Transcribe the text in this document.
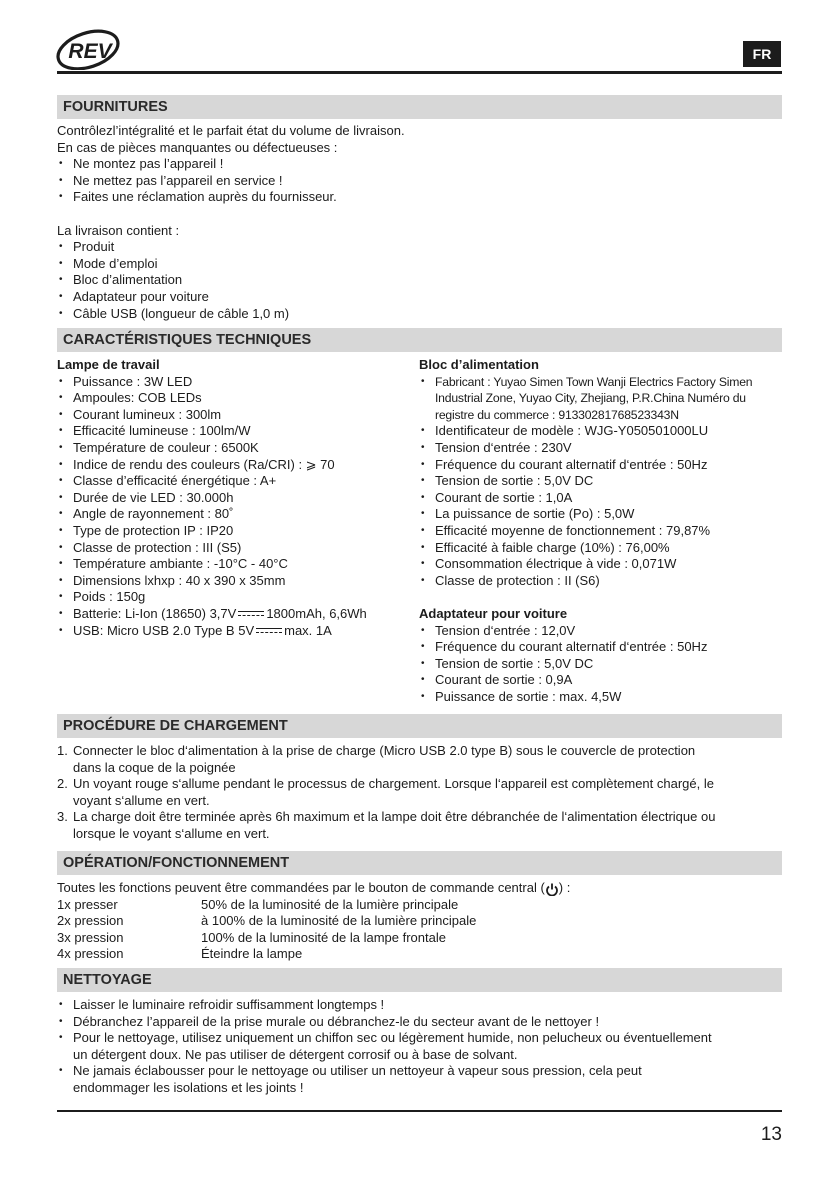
REV	FR
FOURNITURES

Contrôlezl’intégralité et le parfait état du volume de livraison.

En cas de pièces manquantes ou défectueuses :

• Ne montez pas l’appareil !
• Ne mettez pas l’appareil en service !
• Faites une réclamation auprès du fournisseur.

La livraison contient :

• Produit
• Mode d’emploi
• Bloc d’alimentation
• Adaptateur pour voiture
• Câble USB (longueur de câble 1,0 m)
CARACTÉRISTIQUES TECHNIQUES

Lampe de travail

• Puissance : 3W LED
• Ampoules: COB LEDs
• Courant lumineux : 300lm
• Efficacité lumineuse : 100lm/W
• Température de couleur : 6500K
• Indice de rendu des couleurs (Ra/CRI) : ⩾ 70
• Classe d’efficacité énergétique : A+
• Durée de vie LED : 30.000h
• Angle de rayonnement : 80˚
• Type de protection IP : IP20
• Classe de protection : III (S5)
• Température ambiante : -10°C - 40°C
• Dimensions lxhxp : 40 x 390 x 35mm
• Poids : 150g
• Batterie: Li-Ion (18650) 3,7V 1800mAh, 6,6Wh
• USB: Micro USB 2.0 Type B 5V max. 1A

Bloc d’alimentation

• Fabricant : Yuyao Simen Town Wanji Electrics Factory Simen Industrial Zone, Yuyao City, Zhejiang, P.R.China Numéro du registre du commerce : 91330281768523343N
• Identificateur de modèle : WJG-Y050501000LU
• Tension d‘entrée : 230V
• Fréquence du courant alternatif d‘entrée : 50Hz
• Tension de sortie : 5,0V DC
• Courant de sortie : 1,0A
• La puissance de sortie (Po) : 5,0W
• Efficacité moyenne de fonctionnement : 79,87%
• Efficacité à faible charge (10%) : 76,00%
• Consommation électrique à vide : 0,071W
• Classe de protection : II (S6)

Adaptateur pour voiture

• Tension d‘entrée : 12,0V
• Fréquence du courant alternatif d‘entrée : 50Hz
• Tension de sortie : 5,0V DC
• Courant de sortie : 0,9A
• Puissance de sortie : max. 4,5W
PROCÉDURE DE CHARGEMENT
1. Connecter le bloc d‘alimentation à la prise de charge (Micro USB 2.0 type B) sous le couvercle de protection
dans la coque de la poignée
2. Un voyant rouge s‘allume pendant le processus de chargement. Lorsque l‘appareil est complètement chargé, le
voyant s‘allume en vert.
3. La charge doit être terminée après 6h maximum et la lampe doit être débranchée de l‘alimentation électrique ou
lorsque le voyant s‘allume en vert.
OPÉRATION/FONCTIONNEMENT

Toutes les fonctions peuvent être commandées par le bouton de commande central ( ) :

1x presser	50% de la luminosité de la lumière principale
2x pression	à 100% de la luminosité de la lumière principale
3x pression	100% de la luminosité de la lampe frontale
4x pression	Éteindre la lampe
NETTOYAGE
• Laisser le luminaire refroidir suffisamment longtemps !
• Débranchez l’appareil de la prise murale ou débranchez-le du secteur avant de le nettoyer !
• Pour le nettoyage, utilisez uniquement un chiffon sec ou légèrement humide, non pelucheux ou éventuellement
un détergent doux. Ne pas utiliser de détergent corrosif ou à base de solvant.
• Ne jamais éclabousser pour le nettoyage ou utiliser un nettoyeur à vapeur sous pression, cela peut
endommager les isolations et les joints !
13
